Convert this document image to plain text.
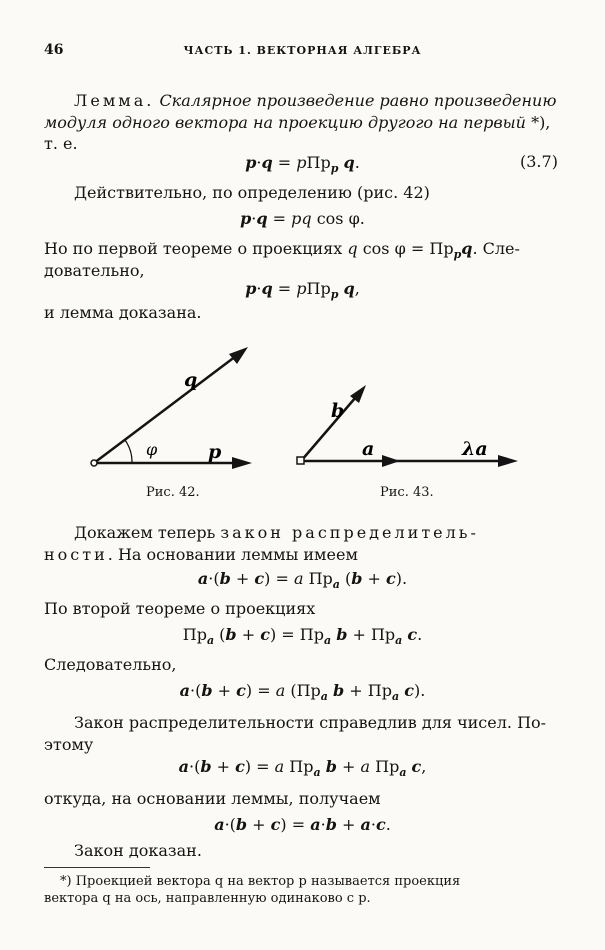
46	ЧАСТЬ 1. ВЕКТОРНАЯ АЛГЕБРА
Лемма. Скалярное произведение равно произведению
модуля одного вектора на проекцию другого на первый *),
т. е.
p·q = pПр$_p$ q.	(3.7)
Действительно, по определению (рис. 42)
p·q = pq cos φ.
Но по первой теореме о проекциях q $\cos \varphi = Пр_pq$. Сле-
довательно,
p·q = pПр$_p$ q,
и лемма доказана.
q
φ	p
Рис. 42.
b
a	λa
Рис. 43.
Докажем теперь закон распределитель-
ности. На основании леммы имеем
a·(b + c) = a $Пр_a$ (b + c).
По второй теореме о проекциях
$Пр_a$ $(b + c) = Пр_a$ $b + Пр_a$ c.
Следовательно,
a·(b + c) = a ($Пр_a$ $b + Пр_a$ c).
Закон распределительности справедлив для чисел. По-
этому
a·(b + c) = a $Пр_a$ b + a $Пр_a$ c,
откуда, на основании леммы, получаем
a·(b + c) = a·b + a·c.
Закон доказан.
*) Проекцией вектора q на вектор p называется проекция
вектора q на ось, направленную одинаково с p.
